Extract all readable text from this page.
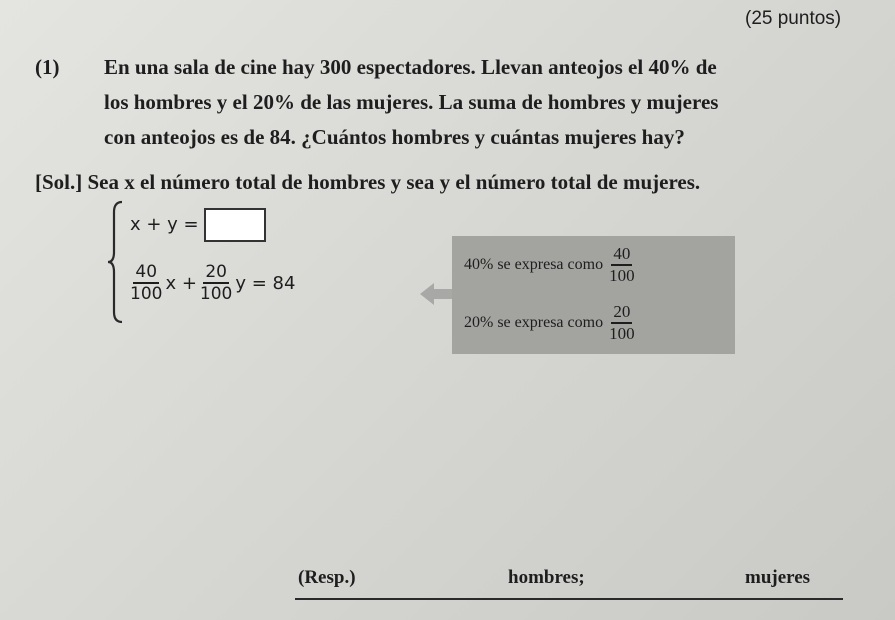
(25 puntos)
(1) En una sala de cine hay 300 espectadores. Llevan anteojos el 40% de
los hombres y el 20% de las mujeres. La suma de hombres y mujeres
con anteojos es de 84. ¿Cuántos hombres y cuántas mujeres hay?
[Sol.] Sea x el número total de hombres y sea y el número total de mujeres.
x + y =
$\frac{40}{100}$ $x + \frac{20}{100}$ y = 84
40% se expresa como $\frac{40}{100}$
20% se expresa como $\frac{20}{100}$
(Resp.)	hombres;	mujeres
